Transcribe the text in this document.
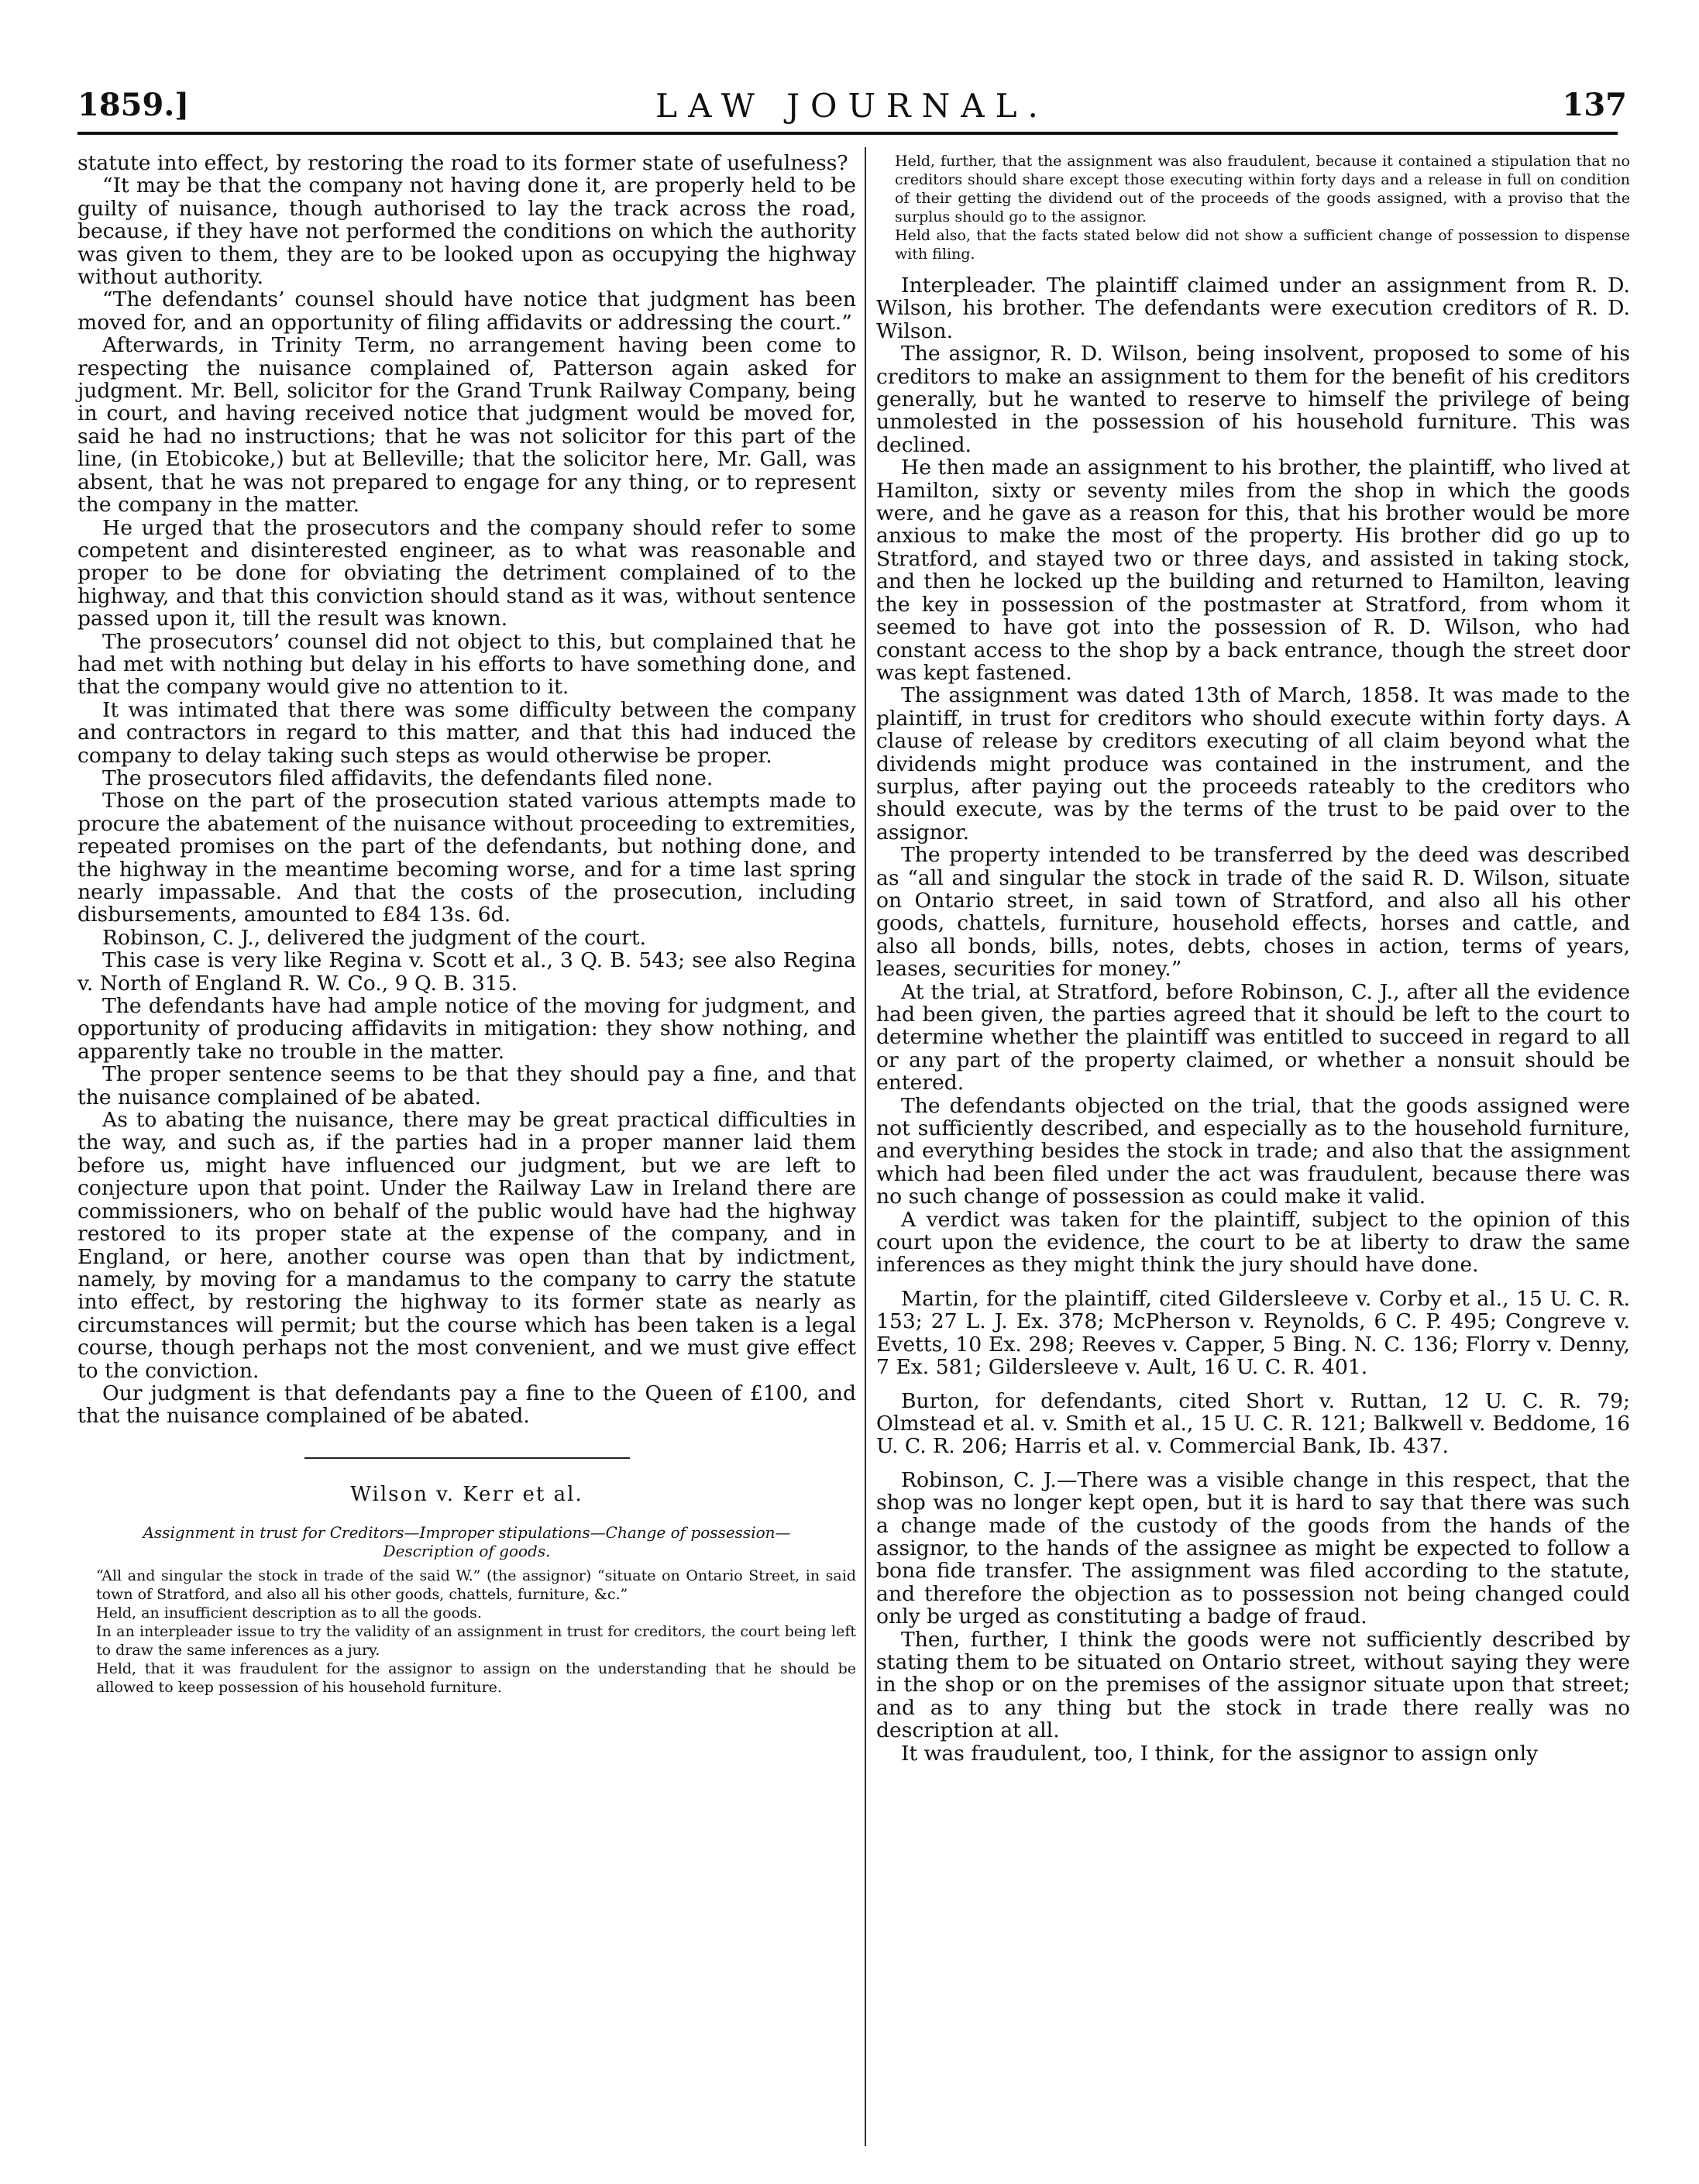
1859.]	LAW JOURNAL.	137

statute into effect, by restoring the road to its former state of usefulness?

“It may be that the company not having done it, are properly held to be guilty of nuisance, though authorised to lay the track across the road, because, if they have not performed the conditions on which the authority was given to them, they are to be looked upon as occupying the highway without authority.

“The defendants’ counsel should have notice that judgment has been moved for, and an opportunity of filing affidavits or addressing the court.”

Afterwards, in Trinity Term, no arrangement having been come to respecting the nuisance complained of, Patterson again asked for judgment. Mr. Bell, solicitor for the Grand Trunk Railway Company, being in court, and having received notice that judgment would be moved for, said he had no instructions; that he was not solicitor for this part of the line, (in Etobicoke,) but at Belleville; that the solicitor here, Mr. Gall, was absent, that he was not prepared to engage for any thing, or to represent the company in the matter.

He urged that the prosecutors and the company should refer to some competent and disinterested engineer, as to what was reasonable and proper to be done for obviating the detriment complained of to the highway, and that this conviction should stand as it was, without sentence passed upon it, till the result was known.

The prosecutors’ counsel did not object to this, but complained that he had met with nothing but delay in his efforts to have something done, and that the company would give no attention to it.

It was intimated that there was some difficulty between the company and contractors in regard to this matter, and that this had induced the company to delay taking such steps as would otherwise be proper.

The prosecutors filed affidavits, the defendants filed none.

Those on the part of the prosecution stated various attempts made to procure the abatement of the nuisance without proceeding to extremities, repeated promises on the part of the defendants, but nothing done, and the highway in the meantime becoming worse, and for a time last spring nearly impassable. And that the costs of the prosecution, including disbursements, amounted to £84 13s. 6d.

Robinson, C. J., delivered the judgment of the court.

This case is very like Regina v. Scott et al., 3 Q. B. 543; see also Regina v. North of England R. W. Co., 9 Q. B. 315.

The defendants have had ample notice of the moving for judgment, and opportunity of producing affidavits in mitigation: they show nothing, and apparently take no trouble in the matter.

The proper sentence seems to be that they should pay a fine, and that the nuisance complained of be abated.

As to abating the nuisance, there may be great practical difficulties in the way, and such as, if the parties had in a proper manner laid them before us, might have influenced our judgment, but we are left to conjecture upon that point. Under the Railway Law in Ireland there are commissioners, who on behalf of the public would have had the highway restored to its proper state at the expense of the company, and in England, or here, another course was open than that by indictment, namely, by moving for a mandamus to the company to carry the statute into effect, by restoring the highway to its former state as nearly as circumstances will permit; but the course which has been taken is a legal course, though perhaps not the most convenient, and we must give effect to the conviction.

Our judgment is that defendants pay a fine to the Queen of £100, and that the nuisance complained of be abated.

Wilson v. Kerr et al.
Assignment in trust for Creditors—Improper stipulations—Change of possession—Description of goods.

“All and singular the stock in trade of the said W.” (the assignor) “situate on Ontario Street, in said town of Stratford, and also all his other goods, chattels, furniture, &c.”

Held, an insufficient description as to all the goods.

In an interpleader issue to try the validity of an assignment in trust for creditors, the court being left to draw the same inferences as a jury.

Held, that it was fraudulent for the assignor to assign on the understanding that he should be allowed to keep possession of his household furniture.

Held, further, that the assignment was also fraudulent, because it contained a stipulation that no creditors should share except those executing within forty days and a release in full on condition of their getting the dividend out of the proceeds of the goods assigned, with a proviso that the surplus should go to the assignor.

Held also, that the facts stated below did not show a sufficient change of possession to dispense with filing.

Interpleader. The plaintiff claimed under an assignment from R. D. Wilson, his brother. The defendants were execution creditors of R. D. Wilson.

The assignor, R. D. Wilson, being insolvent, proposed to some of his creditors to make an assignment to them for the benefit of his creditors generally, but he wanted to reserve to himself the privilege of being unmolested in the possession of his household furniture. This was declined.

He then made an assignment to his brother, the plaintiff, who lived at Hamilton, sixty or seventy miles from the shop in which the goods were, and he gave as a reason for this, that his brother would be more anxious to make the most of the property. His brother did go up to Stratford, and stayed two or three days, and assisted in taking stock, and then he locked up the building and returned to Hamilton, leaving the key in possession of the postmaster at Stratford, from whom it seemed to have got into the possession of R. D. Wilson, who had constant access to the shop by a back entrance, though the street door was kept fastened.

The assignment was dated 13th of March, 1858. It was made to the plaintiff, in trust for creditors who should execute within forty days. A clause of release by creditors executing of all claim beyond what the dividends might produce was contained in the instrument, and the surplus, after paying out the proceeds rateably to the creditors who should execute, was by the terms of the trust to be paid over to the assignor.

The property intended to be transferred by the deed was described as “all and singular the stock in trade of the said R. D. Wilson, situate on Ontario street, in said town of Stratford, and also all his other goods, chattels, furniture, household effects, horses and cattle, and also all bonds, bills, notes, debts, choses in action, terms of years, leases, securities for money.”

At the trial, at Stratford, before Robinson, C. J., after all the evidence had been given, the parties agreed that it should be left to the court to determine whether the plaintiff was entitled to succeed in regard to all or any part of the property claimed, or whether a nonsuit should be entered.

The defendants objected on the trial, that the goods assigned were not sufficiently described, and especially as to the household furniture, and everything besides the stock in trade; and also that the assignment which had been filed under the act was fraudulent, because there was no such change of possession as could make it valid.

A verdict was taken for the plaintiff, subject to the opinion of this court upon the evidence, the court to be at liberty to draw the same inferences as they might think the jury should have done.

Martin, for the plaintiff, cited Gildersleeve v. Corby et al., 15 U. C. R. 153; 27 L. J. Ex. 378; McPherson v. Reynolds, 6 C. P. 495; Congreve v. Evetts, 10 Ex. 298; Reeves v. Capper, 5 Bing. N. C. 136; Florry v. Denny, 7 Ex. 581; Gildersleeve v. Ault, 16 U. C. R. 401.

Burton, for defendants, cited Short v. Ruttan, 12 U. C. R. 79; Olmstead et al. v. Smith et al., 15 U. C. R. 121; Balkwell v. Beddome, 16 U. C. R. 206; Harris et al. v. Commercial Bank, Ib. 437.

Robinson, C. J.—There was a visible change in this respect, that the shop was no longer kept open, but it is hard to say that there was such a change made of the custody of the goods from the hands of the assignor, to the hands of the assignee as might be expected to follow a bona fide transfer. The assignment was filed according to the statute, and therefore the objection as to possession not being changed could only be urged as constituting a badge of fraud.

Then, further, I think the goods were not sufficiently described by stating them to be situated on Ontario street, without saying they were in the shop or on the premises of the assignor situate upon that street; and as to any thing but the stock in trade there really was no description at all.

It was fraudulent, too, I think, for the assignor to assign only
